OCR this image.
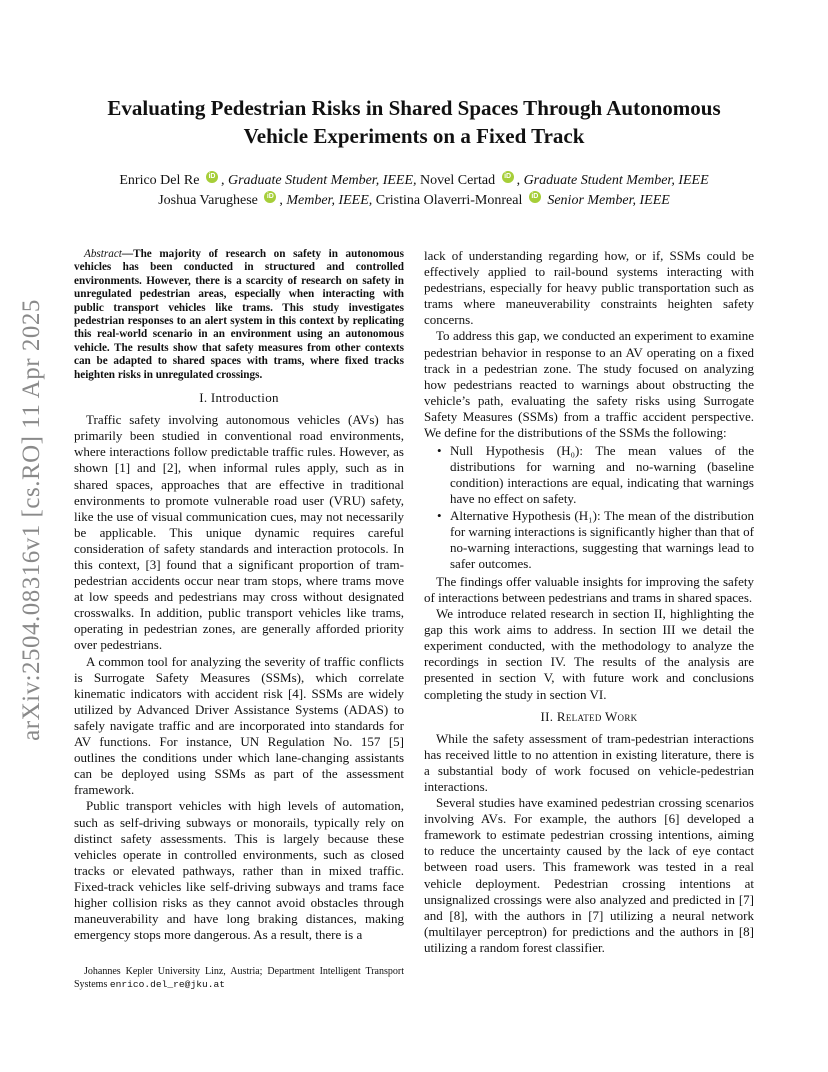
arXiv:2504.08316v1 [cs.RO] 11 Apr 2025
Evaluating Pedestrian Risks in Shared Spaces Through Autonomous
Vehicle Experiments on a Fixed Track
Enrico Del Re iD , Graduate Student Member, IEEE, Novel Certad iD , Graduate Student Member, IEEE
Joshua Varughese iD , Member, IEEE, Cristina Olaverri-Monreal iD Senior Member, IEEE

Abstract—The majority of research on safety in autonomous vehicles has been conducted in structured and controlled environments. However, there is a scarcity of research on safety in unregulated pedestrian areas, especially when interacting with public transport vehicles like trams. This study investigates pedestrian responses to an alert system in this context by replicating this real-world scenario in an environment using an autonomous vehicle. The results show that safety measures from other contexts can be adapted to shared spaces with trams, where fixed tracks heighten risks in unregulated crossings.

I. Introduction

Traffic safety involving autonomous vehicles (AVs) has primarily been studied in conventional road environments, where interactions follow predictable traffic rules. However, as shown [1] and [2], when informal rules apply, such as in shared spaces, approaches that are effective in traditional environments to promote vulnerable road user (VRU) safety, like the use of visual communication cues, may not necessarily be applicable. This unique dynamic requires careful consideration of safety standards and interaction protocols. In this context, [3] found that a significant proportion of tram-pedestrian accidents occur near tram stops, where trams move at low speeds and pedestrians may cross without designated crosswalks. In addition, public transport vehicles like trams, operating in pedestrian zones, are generally afforded priority over pedestrians.

A common tool for analyzing the severity of traffic conflicts is Surrogate Safety Measures (SSMs), which correlate kinematic indicators with accident risk [4]. SSMs are widely utilized by Advanced Driver Assistance Systems (ADAS) to safely navigate traffic and are incorporated into standards for AV functions. For instance, UN Regulation No. 157 [5] outlines the conditions under which lane-changing assistants can be deployed using SSMs as part of the assessment framework.

Public transport vehicles with high levels of automation, such as self-driving subways or monorails, typically rely on distinct safety assessments. This is largely because these vehicles operate in controlled environments, such as closed tracks or elevated pathways, rather than in mixed traffic. Fixed-track vehicles like self-driving subways and trams face higher collision risks as they cannot avoid obstacles through maneuverability and have long braking distances, making emergency stops more dangerous. As a result, there is a

lack of understanding regarding how, or if, SSMs could be effectively applied to rail-bound systems interacting with pedestrians, especially for heavy public transportation such as trams where maneuverability constraints heighten safety concerns.

To address this gap, we conducted an experiment to examine pedestrian behavior in response to an AV operating on a fixed track in a pedestrian zone. The study focused on analyzing how pedestrians reacted to warnings about obstructing the vehicle’s path, evaluating the safety risks using Surrogate Safety Measures (SSMs) from a traffic accident perspective. We define for the distributions of the SSMs the following:

• Null Hypothesis (H₀): The mean values of the distributions for warning and no-warning (baseline condition) interactions are equal, indicating that warnings have no effect on safety.
• Alternative Hypothesis (H₁): The mean of the distribution for warning interactions is significantly higher than that of no-warning interactions, suggesting that warnings lead to safer outcomes.

The findings offer valuable insights for improving the safety of interactions between pedestrians and trams in shared spaces.

We introduce related research in section II, highlighting the gap this work aims to address. In section III we detail the experiment conducted, with the methodology to analyze the recordings in section IV. The results of the analysis are presented in section V, with future work and conclusions completing the study in section VI.

II. Related Work

While the safety assessment of tram-pedestrian interactions has received little to no attention in existing literature, there is a substantial body of work focused on vehicle-pedestrian interactions.

Several studies have examined pedestrian crossing scenarios involving AVs. For example, the authors [6] developed a framework to estimate pedestrian crossing intentions, aiming to reduce the uncertainty caused by the lack of eye contact between road users. This framework was tested in a real vehicle deployment. Pedestrian crossing intentions at unsignalized crossings were also analyzed and predicted in [7] and [8], with the authors in [7] utilizing a neural network (multilayer perceptron) for predictions and the authors in [8] utilizing a random forest classifier.

Johannes Kepler University Linz, Austria; Department Intelligent Transport Systems enrico.del_re@jku.at
